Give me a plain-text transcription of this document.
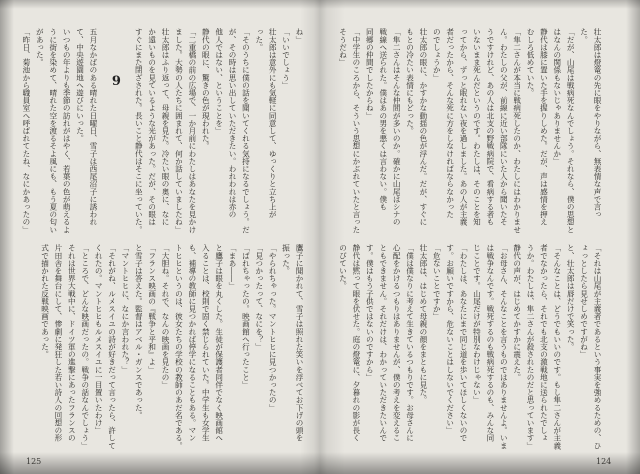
ね」
「いいでしょう」
壮太郎は意外にも気軽に同意して、ゆっくりと立ち上が
った。
「そのうちに僕の話を聞いてくれる気持になるでしょう。だ
が、その時は思い出していただきたい。われわれは赤の
他人ではない、ということを」
静代の眼に、驚きの色が現われた。
「二重橋の前の広場で、一か月前にわたしはあなたを見かけ
ました。大勢の人たちに囲まれて、何か話していましたね」
壮太郎はふり返って、母親を見た。冷たい眼の奥に、なに
か遠いものを見ているような光があった。だが、その眼は
すぐにまた閉ざされた。長いこと静代はそこに坐っていた。
9
五月なかばのある晴れた日曜日、雪子は西尾沼子に誘われ
て、中央遊園地へ遊びにいった。
いつもの年よりも季節の訪れがはやく、若葉の色が萌えるよ
うに街を染めて、晴れた空を渡るそよ風にも、もう夏の匂い
があった。
「昨日、菊池から職員室へ呼ばれてたね、なにかあったの」
鷹子に聞かれて、雪子は照れた笑いを浮べてお下げの頭を
振った。
「やられちゃった。マントヒヒに見つかったの」
「見つかったって、なにを？」
「ばれちゃったの。映画館へ行ったこと」
「まあ――」
と鷹子は眼を丸くした。生徒が保護者同伴でなく映画館へ
入ることは、校則で固く禁じられていた。中学生も女学生
も、補導の教師に見つかれば停学になることもある。マン
トヒヒというのは、彼女たちの学校の教師のあだ名である。
「大胆ね。それで、なんの映画を見たの」
「フランス映画の『戦争と平和』よ」
と雪子は答えた。監督はアベル・ガンスであった。
「マントヒヒに、なにか言われた？」
「それがね、ルメスイユの詩が好きだって言ったら、許して
くれたの。マントヒヒもルメスイユに一目置いたわけ」
「ところで、どんな映画だったの。戦争の話なんでしょう」
それは世界大戦中に、ドイツ軍の進撃にあったフランスの
片田舎を舞台にして、惨劇に発狂した若い詩人の回想の形
式で描かれた反戦映画であった。
125
壮太郎は燈篭の先に眼をやりながら、無表情な声で言っ
た。
「だが、山尾は戦病死なんでしょう。それなら、僕の思想と
はなんの関係もないじゃありませんか」
静代は膝に置いた手を握りしめた。だが、声は感情を押え
むしろ低めていた。
「隼二さんが本当に戦病死したのか、わたしにはわかりませ
ん。わたしの父が、前線に近い部隊にいた人から聞いたそ
うですけれど、あの人は北支の野戦病院で、看病する者も
いないまま死んだというのです。わたしは、そのことを知
ってから、ずっと眠れない夜を過しました。あの人が主義
者だったから、そんな死に方をしなければならなかった
のでしょうか」
壮太郎の眼に、かすかな動揺の色が浮んだ。だが、すぐに
もとの冷たい表情にもどった。
「隼二さんはそんな仲間が多いのか。確かに山尾はシナの
戦線へ送られた。僕はあの男を悪くは言わない。僕も
同郷の仲間でしたからね」
「中学生のころから、そういう思想にかぶれていたと言った
そうだね」
「それは山尾が主義者であるという事実を強めるための、ひ
ょっとしたら見せしめですがね」
と、壮太郎は唇だけで笑った。
「そんなことは、どうでもいいのです。もし隼二さんが主義
者でなかったら、それでも北支の激戦地に送られたでしょ
うか。わたしは、隼二さんが殺されたのだと思っています」
静代の声が、はじめてかすかに震えた。
「お母さん、そんなことを言うものではありませんよ。いま
は戦争なんです。戦死するのも戦病死するのも、みんな同
じことです。山尾だけが特別なわけじゃない」
「わたしは、あなたにまで同じ道を歩いてほしくないので
す。お願いですから、危ないことはしないでください」
「危ないことですか」
壮太郎は、はじめて母親の顔をまともに見た。
「僕は僕なりに考えて生きているつもりです。お母さんに
心配をかけるつもりはありませんが、僕の考えを変えるこ
ともできません。それだけは、わかっていただきたいんで
す。僕はもう子供ではないのですから」
静代は黙って眼を伏せた。庭の燈篭に、夕暮れの影が長く
のびていた。
124
